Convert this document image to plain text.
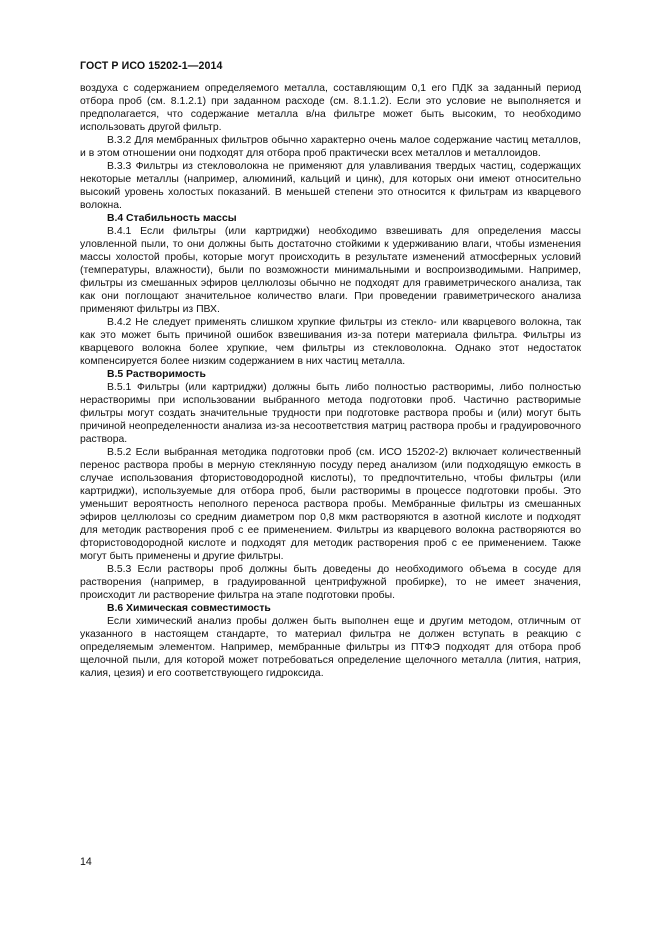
ГОСТ Р ИСО 15202-1—2014

воздуха с содержанием определяемого металла, составляющим 0,1 его ПДК за заданный период отбора проб (см. 8.1.2.1) при заданном расходе (см. 8.1.1.2). Если это условие не выполняется и предполагается, что содержание металла в/на фильтре может быть высоким, то необходимо использовать другой фильтр.

В.3.2 Для мембранных фильтров обычно характерно очень малое содержание частиц металлов, и в этом отношении они подходят для отбора проб практически всех металлов и металлоидов.

В.3.3 Фильтры из стекловолокна не применяют для улавливания твердых частиц, содержащих некоторые металлы (например, алюминий, кальций и цинк), для которых они имеют относительно высокий уровень холостых показаний. В меньшей степени это относится к фильтрам из кварцевого волокна.

В.4 Стабильность массы

В.4.1 Если фильтры (или картриджи) необходимо взвешивать для определения массы уловленной пыли, то они должны быть достаточно стойкими к удерживанию влаги, чтобы изменения массы холостой пробы, которые могут происходить в результате изменений атмосферных условий (температуры, влажности), были по возможности минимальными и воспроизводимыми. Например, фильтры из смешанных эфиров целлюлозы обычно не подходят для гравиметрического анализа, так как они поглощают значительное количество влаги. При проведении гравиметрического анализа применяют фильтры из ПВХ.

В.4.2 Не следует применять слишком хрупкие фильтры из стекло- или кварцевого волокна, так как это может быть причиной ошибок взвешивания из-за потери материала фильтра. Фильтры из кварцевого волокна более хрупкие, чем фильтры из стекловолокна. Однако этот недостаток компенсируется более низким содержанием в них частиц металла.

В.5 Растворимость

В.5.1 Фильтры (или картриджи) должны быть либо полностью растворимы, либо полностью нерастворимы при использовании выбранного метода подготовки проб. Частично растворимые фильтры могут создать значительные трудности при подготовке раствора пробы и (или) могут быть причиной неопределенности анализа из-за несоответствия матриц раствора пробы и градуировочного раствора.

В.5.2 Если выбранная методика подготовки проб (см. ИСО 15202-2) включает количественный перенос раствора пробы в мерную стеклянную посуду перед анализом (или подходящую емкость в случае использования фтористоводородной кислоты), то предпочтительно, чтобы фильтры (или картриджи), используемые для отбора проб, были растворимы в процессе подготовки пробы. Это уменьшит вероятность неполного переноса раствора пробы. Мембранные фильтры из смешанных эфиров целлюлозы со средним диаметром пор 0,8 мкм растворяются в азотной кислоте и подходят для методик растворения проб с ее применением. Фильтры из кварцевого волокна растворяются во фтористоводородной кислоте и подходят для методик растворения проб с ее применением. Также могут быть применены и другие фильтры.

В.5.3 Если растворы проб должны быть доведены до необходимого объема в сосуде для растворения (например, в градуированной центрифужной пробирке), то не имеет значения, происходит ли растворение фильтра на этапе подготовки пробы.

В.6 Химическая совместимость

Если химический анализ пробы должен быть выполнен еще и другим методом, отличным от указанного в настоящем стандарте, то материал фильтра не должен вступать в реакцию с определяемым элементом. Например, мембранные фильтры из ПТФЭ подходят для отбора проб щелочной пыли, для которой может потребоваться определение щелочного металла (лития, натрия, калия, цезия) и его соответствующего гидроксида.

14
